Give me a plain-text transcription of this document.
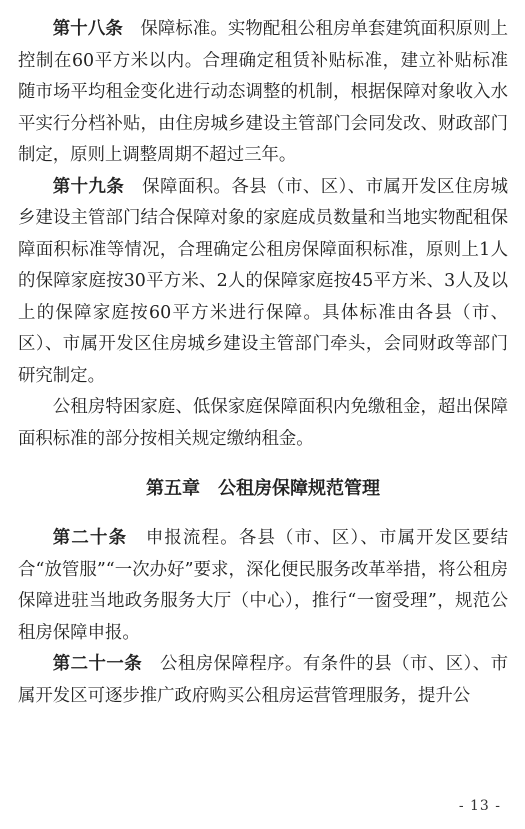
第十八条  保障标准。实物配租公租房单套建筑面积原则上控制在60平方米以内。合理确定租赁补贴标准，建立补贴标准随市场平均租金变化进行动态调整的机制，根据保障对象收入水平实行分档补贴，由住房城乡建设主管部门会同发改、财政部门制定，原则上调整周期不超过三年。

第十九条  保障面积。各县（市、区）、市属开发区住房城乡建设主管部门结合保障对象的家庭成员数量和当地实物配租保障面积标准等情况，合理确定公租房保障面积标准，原则上1人的保障家庭按30平方米、2人的保障家庭按45平方米、3人及以上的保障家庭按60平方米进行保障。具体标准由各县（市、区）、市属开发区住房城乡建设主管部门牵头，会同财政等部门研究制定。

公租房特困家庭、低保家庭保障面积内免缴租金，超出保障面积标准的部分按相关规定缴纳租金。

第五章　公租房保障规范管理

第二十条  申报流程。各县（市、区）、市属开发区要结合“放管服”“一次办好”要求，深化便民服务改革举措，将公租房保障进驻当地政务服务大厅（中心），推行“一窗受理”，规范公租房保障申报。

第二十一条  公租房保障程序。有条件的县（市、区）、市属开发区可逐步推广政府购买公租房运营管理服务，提升公

- 13 -
